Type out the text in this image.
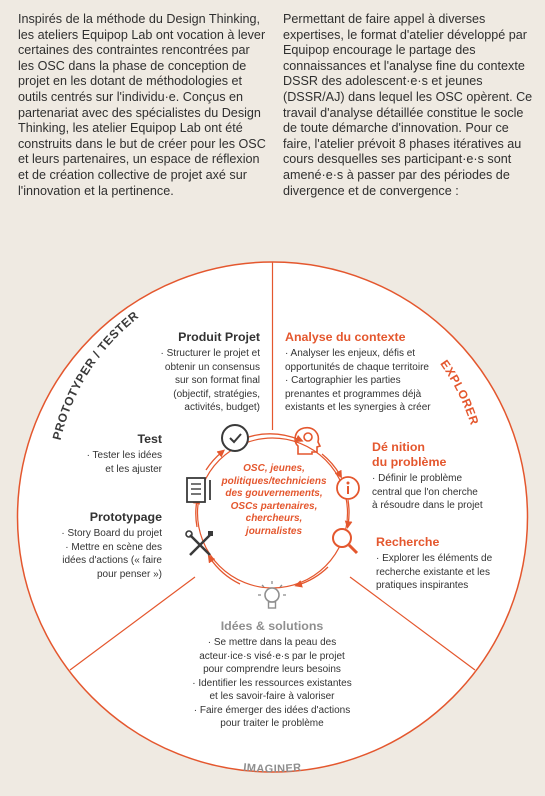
Inspirés de la méthode du Design Thinking, les ateliers Equipop Lab ont vocation à lever certaines des contraintes rencontrées par les OSC dans la phase de conception de projet en les dotant de méthodologies et outils centrés sur l'individu·e. Conçus en partenariat avec des spécialistes du Design Thinking, les atelier Equipop Lab ont été construits dans le but de créer pour les OSC et leurs partenaires, un espace de réflexion et de création collective de projet axé sur l'innovation et la pertinence.

Permettant de faire appel à diverses expertises, le format d'atelier développé par Equipop encourage le partage des connaissances et l'analyse fine du contexte DSSR des adolescent·e·s et jeunes (DSSR/AJ) dans lequel les OSC opèrent. Ce travail d'analyse détaillée constitue le socle de toute démarche d'innovation. Pour ce faire, l'atelier prévoit 8 phases itératives au cours desquelles ses participant·e·s sont amené·e·s à passer par des périodes de divergence et de convergence :

PROTOTYPER / TESTER
EXPLORER
IMAGINER
OSC, jeunes,
politiques/techniciens
des gouvernements,
OSCs partenaires,
chercheurs,
journalistes
Produit Projet
· Structurer le projet et
obtenir un consensus
sur son format final
(objectif, stratégies,
activités, budget)
Analyse du contexte
· Analyser les enjeux, défis et
opportunités de chaque territoire
· Cartographier les parties
prenantes et programmes déjà
existants et les synergies à créer
Dé nition
du problème
· Définir le problème
central que l'on cherche
à résoudre dans le projet
Recherche
· Explorer les éléments de
recherche existante et les
pratiques inspirantes
Idées & solutions
· Se mettre dans la peau des
acteur·ice·s visé·e·s par le projet
pour comprendre leurs besoins
· Identifier les ressources existantes
et les savoir-faire à valoriser
· Faire émerger des idées d'actions
pour traiter le problème
Test
· Tester les idées
et les ajuster
Prototypage
· Story Board du projet
· Mettre en scène des
idées d'actions (« faire
pour penser »)
